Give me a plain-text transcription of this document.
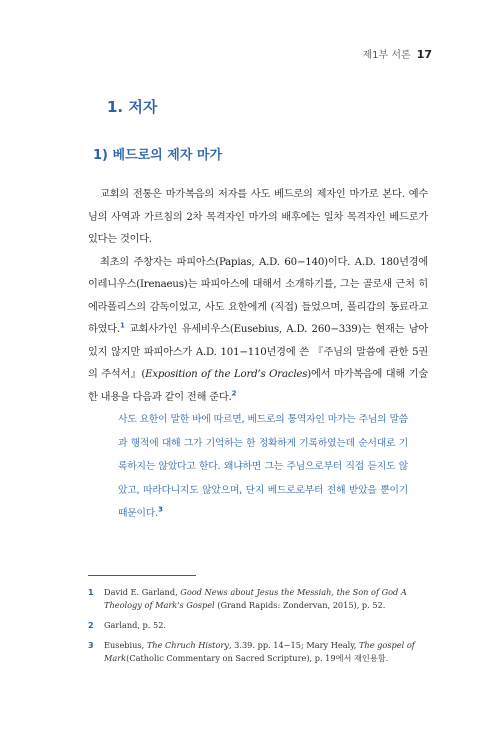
제1부 서론 17
1. 저자
1) 베드로의 제자 마가

교회의 전통은 마가복음의 저자를 사도 베드로의 제자인 마가로 본다. 예수님의 사역과 가르침의 2차 목격자인 마가의 배후에는 일차 목격자인 베드로가 있다는 것이다.

최초의 주창자는 파피아스(Papias, A.D. 60−140)이다. A.D. 180년경에 이레니우스(Irenaeus)는 파피아스에 대해서 소개하기를, 그는 골로새 근처 히에라폴리스의 감독이었고, 사도 요한에게 (직접) 들었으며, 폴리갑의 동료라고 하였다.$^1$ 교회사가인 유세비우스(Eusebius, A.D. 260−339)는 현재는 남아있지 않지만 파피아스가 A.D. 101−110년경에 쓴 『주님의 말씀에 관한 5권의 주석서』(Exposition of the Lord’s Oracles)에서 마가복음에 대해 기술한 내용을 다음과 같이 전해 준다.$^2$

사도 요한이 말한 바에 따르면, 베드로의 통역자인 마가는 주님의 말씀과 행적에 대해 그가 기억하는 한 정확하게 기록하였는데 순서대로 기록하지는 않았다고 한다. 왜냐하면 그는 주님으로부터 직접 듣지도 않았고, 따라다니지도 않았으며, 단지 베드로로부터 전해 받았을 뿐이기 때문이다.$^3$
1 David E. Garland, Good News about Jesus the Messiah, the Son of God A Theology of Mark's Gospel (Grand Rapids: Zondervan, 2015), p. 52.
2 Garland, p. 52.
3 Eusebius, The Chruch History, 3.39. pp. 14−15; Mary Healy, The gospel of Mark(Catholic Commentary on Sacred Scripture), p. 19에서 재인용함.
